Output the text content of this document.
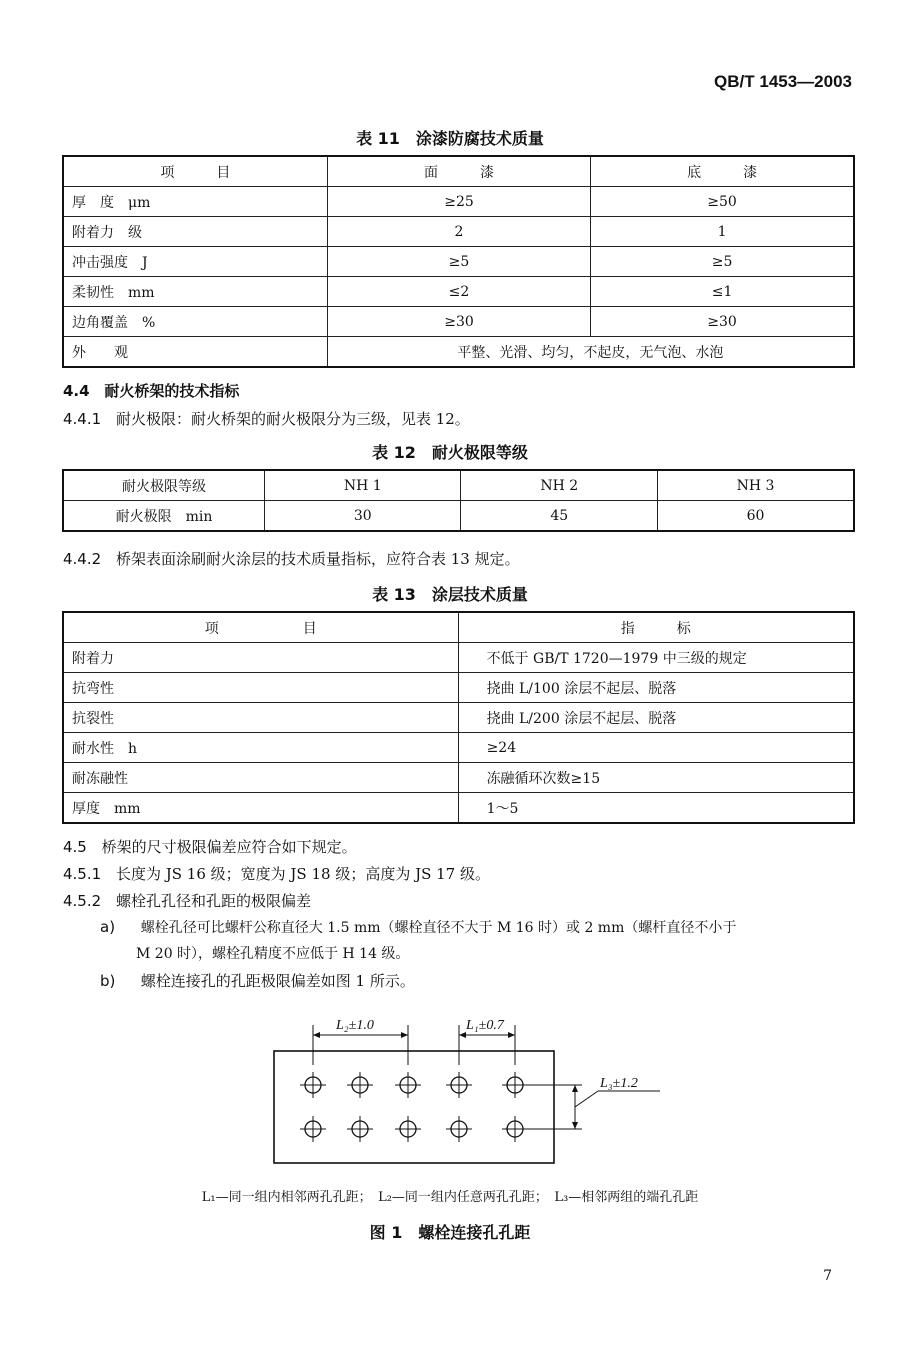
QB/T 1453—2003
表 11　涂漆防腐技术质量
项　　　目	面　　　漆	底　　　漆
厚　度　μm	≥25	≥50
附着力　级	2	1
冲击强度　J	≥5	≥5
柔韧性　mm	≤2	≤1
边角覆盖　%	≥30	≥30
外　　观	平整、光滑、均匀，不起皮，无气泡、水泡	
4.4 耐火桥架的技术指标
4.4.1 耐火极限：耐火桥架的耐火极限分为三级，见表 12。
表 12　耐火极限等级
耐火极限等级	NH 1	NH 2	NH 3
耐火极限　min	30	45	60
4.4.2 桥架表面涂刷耐火涂层的技术质量指标，应符合表 13 规定。
表 13　涂层技术质量
项　　　　　　目	指　　　标
附着力	不低于 GB/T 1720—1979 中三级的规定
抗弯性	挠曲 L/100 涂层不起层、脱落
抗裂性	挠曲 L/200 涂层不起层、脱落
耐水性　h	≥24
耐冻融性	冻融循环次数≥15
厚度　mm	1～5
4.5 桥架的尺寸极限偏差应符合如下规定。
4.5.1 长度为 JS 16 级；宽度为 JS 18 级；高度为 JS 17 级。
4.5.2 螺栓孔孔径和孔距的极限偏差
a) 螺栓孔径可比螺杆公称直径大 1.5 mm（螺栓直径不大于 M 16 时）或 2 mm（螺杆直径不小于
M 20 时），螺栓孔精度不应低于 H 14 级。
b) 螺栓连接孔的孔距极限偏差如图 1 所示。
L₂±1.0	L₁±0.7
L₃±1.2
L₁—同一组内相邻两孔孔距；　L₂—同一组内任意两孔孔距；　L₃—相邻两组的端孔孔距
图 1　螺栓连接孔孔距
7
